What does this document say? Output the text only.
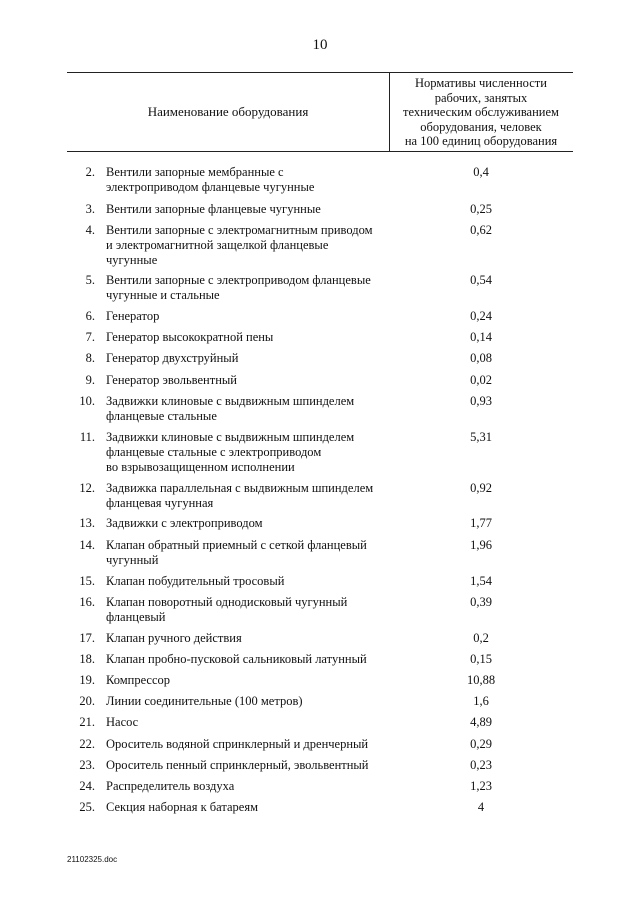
10
Наименование оборудования
Нормативы численности
рабочих, занятых
техническим обслуживанием
оборудования, человек
на 100 единиц оборудования
2. Вентили запорные мембранные с
электроприводом фланцевые чугунные
0,4
3. Вентили запорные фланцевые чугунные	0,25
4. Вентили запорные с электромагнитным приводом
и электромагнитной защелкой фланцевые
чугунные
0,62
5. Вентили запорные с электроприводом фланцевые
чугунные и стальные
0,54
6. Генератор	0,24
7. Генератор высокократной пены	0,14
8. Генератор двухструйный	0,08
9. Генератор эвольвентный	0,02
10. Задвижки клиновые с выдвижным шпинделем
фланцевые стальные
0,93
11. Задвижки клиновые с выдвижным шпинделем
фланцевые стальные с электроприводом
во взрывозащищенном исполнении
5,31
12. Задвижка параллельная с выдвижным шпинделем
фланцевая чугунная
0,92
13. Задвижки с электроприводом	1,77
14. Клапан обратный приемный с сеткой фланцевый
чугунный
1,96
15. Клапан побудительный тросовый	1,54
16. Клапан поворотный однодисковый чугунный
фланцевый
0,39
17. Клапан ручного действия	0,2
18. Клапан пробно-пусковой сальниковый латунный	0,15
19. Компрессор	10,88
20. Линии соединительные (100 метров)	1,6
21. Насос	4,89
22. Ороситель водяной спринклерный и дренчерный	0,29
23. Ороситель пенный спринклерный, эвольвентный	0,23
24. Распределитель воздуха	1,23
25. Секция наборная к батареям	4
21102325.doc
